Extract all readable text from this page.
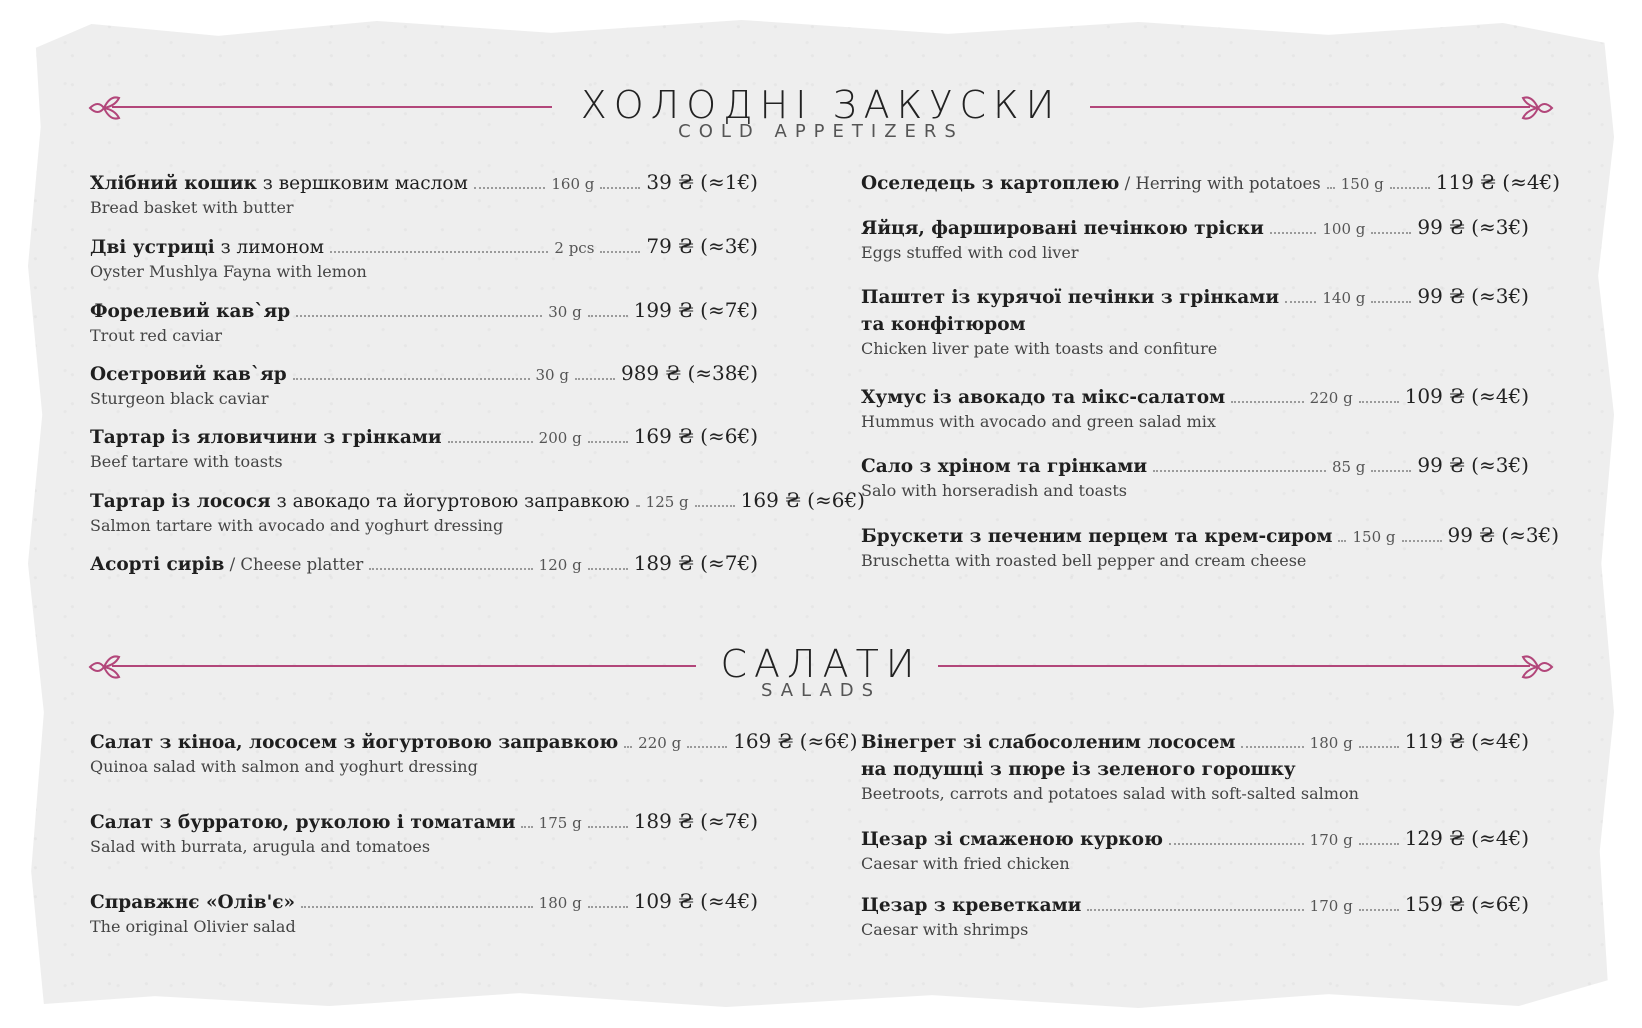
ХОЛОДНІ ЗАКУСКИ
COLD APPETIZERS
Хлібний кошик з вершковим маслом	160 g	39 ₴ (≈1€)
Bread basket with butter
Дві устриці з лимоном	2 pcs	79 ₴ (≈3€)
Oyster Mushlya Fayna with lemon
Форелевий кав`яр	30 g	199 ₴ (≈7€)
Trout red caviar
Осетровий кав`яр	30 g	989 ₴ (≈38€)
Sturgeon black caviar
Тартар із яловичини з грінками	200 g	169 ₴ (≈6€)
Beef tartare with toasts
Тартар із лосося з авокадо та йогуртовою заправкою 125 g	169 ₴ (≈6€)
Salmon tartare with avocado and yoghurt dressing
Асорті сирів / Cheese platter	120 g	189 ₴ (≈7€)
Оселедець з картоплею / Herring with potatoes 150 g	119 ₴ (≈4€)
Яйця, фаршировані печінкою тріски	100 g	99 ₴ (≈3€)
Eggs stuffed with cod liver
Паштет із курячої печінки з грінками	140 g	99 ₴ (≈3€)
та конфітюром
Chicken liver pate with toasts and confiture
Хумус із авокадо та мікс-салатом	220 g	109 ₴ (≈4€)
Hummus with avocado and green salad mix
Сало з хріном та грінками	85 g	99 ₴ (≈3€)
Salo with horseradish and toasts
Брускети з печеним перцем та крем-сиром 150 g	99 ₴ (≈3€)
Bruschetta with roasted bell pepper and cream cheese
САЛАТИ
SALADS
Салат з кіноа, лососем з йогуртовою заправкою 220 g	169 ₴ (≈6€)
Quinoa salad with salmon and yoghurt dressing
Салат з бурратою, руколою і томатами 175 g	189 ₴ (≈7€)
Salad with burrata, arugula and tomatoes
Справжнє «Олів'є»	180 g	109 ₴ (≈4€)
The original Olivier salad
Вінегрет зі слабосоленим лососем	180 g	119 ₴ (≈4€)
на подушці з пюре із зеленого горошку
Beetroots, carrots and potatoes salad with soft-salted salmon
Цезар зі смаженою куркою	170 g	129 ₴ (≈4€)
Caesar with fried chicken
Цезар з креветками	170 g	159 ₴ (≈6€)
Caesar with shrimps
